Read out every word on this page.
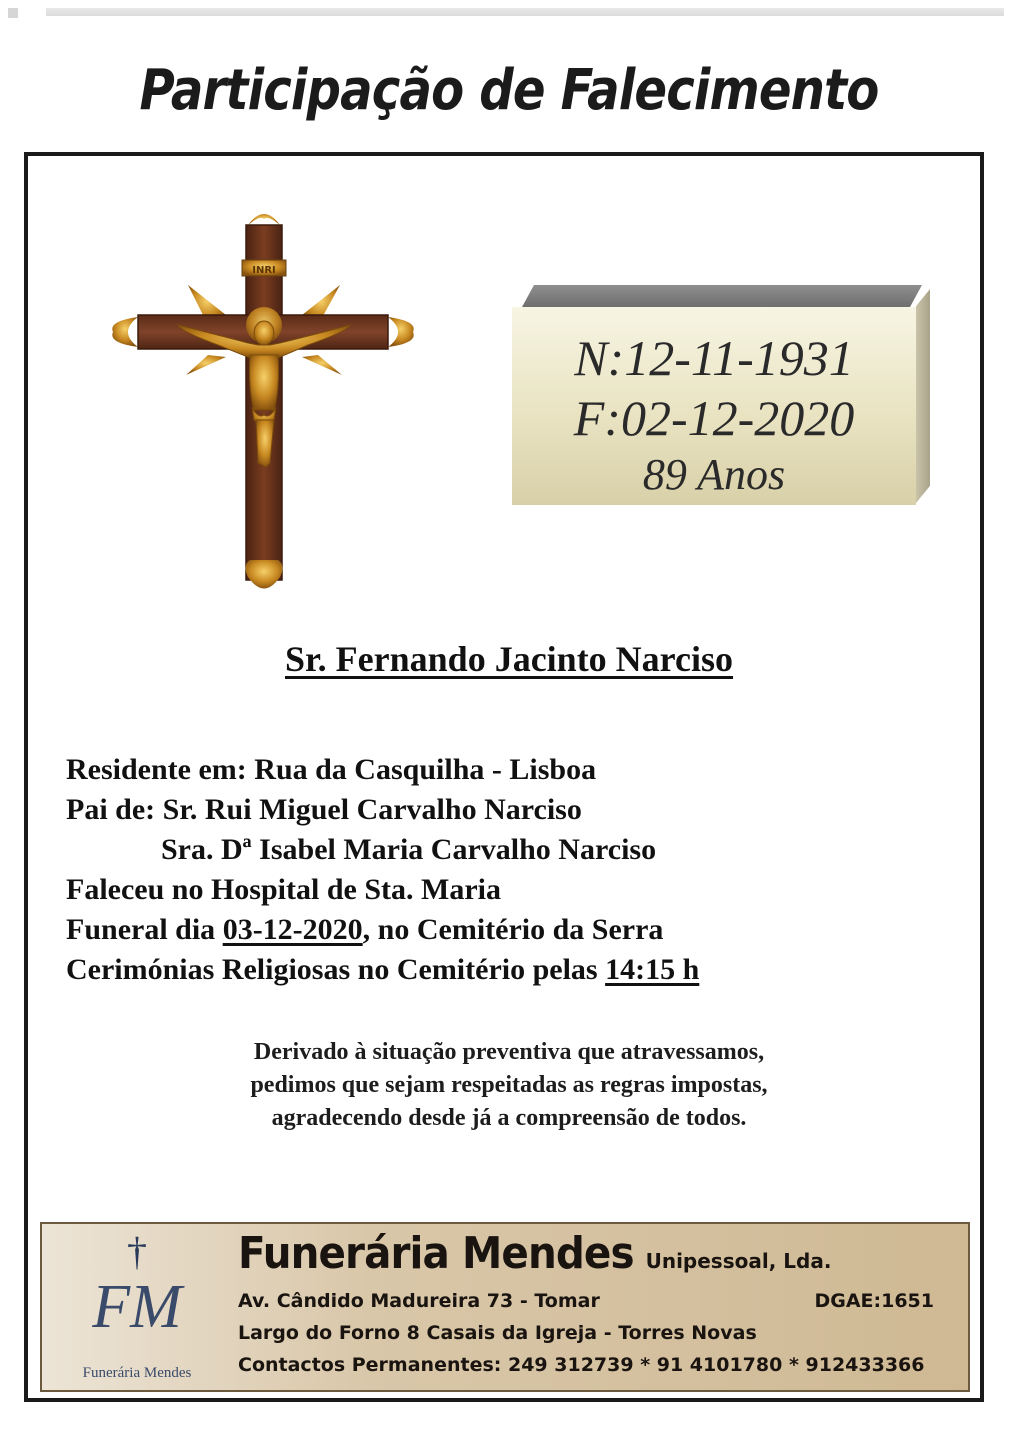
Participação de Falecimento
INRI
N:12-11-1931
F:02-12-2020
89 Anos
Sr. Fernando Jacinto Narciso
Residente em: Rua da Casquilha - Lisboa
Pai de: Sr. Rui Miguel Carvalho Narciso
Sra. Dª Isabel Maria Carvalho Narciso
Faleceu no Hospital de Sta. Maria
Funeral dia 03-12-2020, no Cemitério da Serra
Cerimónias Religiosas no Cemitério pelas 14:15 h
Derivado à situação preventiva que atravessamos,
pedimos que sejam respeitadas as regras impostas,
agradecendo desde já a compreensão de todos.
†
FM
Funerária Mendes
Funerária Mendes Unipessoal, Lda.
Av. Cândido Madureira 73 - Tomar	DGAE:1651
Largo do Forno 8 Casais da Igreja - Torres Novas
Contactos Permanentes: 249 312739 * 91 4101780 * 912433366
